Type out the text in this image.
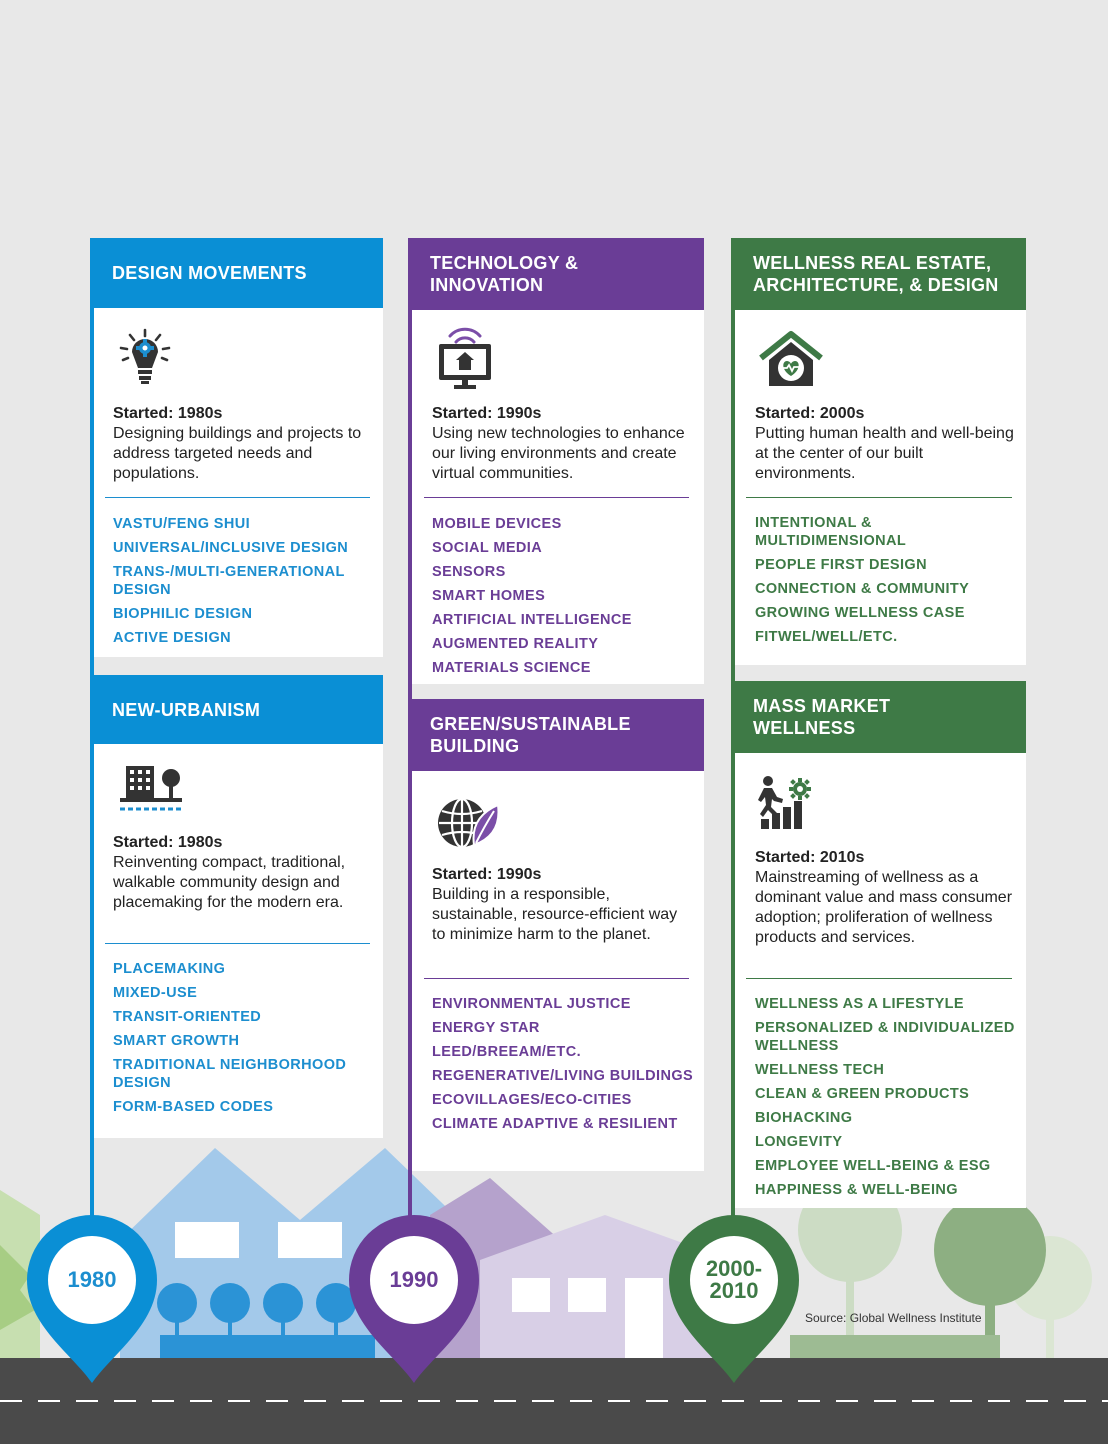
DESIGN MOVEMENTS
Started: 1980s
Designing buildings and projects to address targeted needs and populations.
VASTU/FENG SHUI
UNIVERSAL/INCLUSIVE DESIGN
TRANS-/MULTI-GENERATIONAL DESIGN
BIOPHILIC DESIGN
ACTIVE DESIGN
NEW-URBANISM
Started: 1980s
Reinventing compact, traditional, walkable community design and placemaking for the modern era.
PLACEMAKING
MIXED-USE
TRANSIT-ORIENTED
SMART GROWTH
TRADITIONAL NEIGHBORHOOD DESIGN
FORM-BASED CODES
TECHNOLOGY & INNOVATION
Started: 1990s
Using new technologies to enhance our living environments and create virtual communities.
MOBILE DEVICES
SOCIAL MEDIA
SENSORS
SMART HOMES
ARTIFICIAL INTELLIGENCE
AUGMENTED REALITY
MATERIALS SCIENCE
GREEN/SUSTAINABLE BUILDING
Started: 1990s
Building in a responsible, sustainable, resource-efficient way to minimize harm to the planet.
ENVIRONMENTAL JUSTICE
ENERGY STAR
LEED/BREEAM/ETC.
REGENERATIVE/LIVING BUILDINGS
ECOVILLAGES/ECO-CITIES
CLIMATE ADAPTIVE & RESILIENT
WELLNESS REAL ESTATE, ARCHITECTURE, & DESIGN
Started: 2000s
Putting human health and well-being at the center of our built environments.
INTENTIONAL & MULTIDIMENSIONAL
PEOPLE FIRST DESIGN
CONNECTION & COMMUNITY
GROWING WELLNESS CASE
FITWEL/WELL/ETC.
MASS MARKET WELLNESS
Started: 2010s
Mainstreaming of wellness as a dominant value and mass consumer adoption; proliferation of wellness products and services.
WELLNESS AS A LIFESTYLE
PERSONALIZED & INDIVIDUALIZED WELLNESS
WELLNESS TECH
CLEAN & GREEN PRODUCTS
BIOHACKING
LONGEVITY
EMPLOYEE WELL-BEING & ESG
HAPPINESS & WELL-BEING
1980	1990	2000-
2010
Source: Global Wellness Institute
